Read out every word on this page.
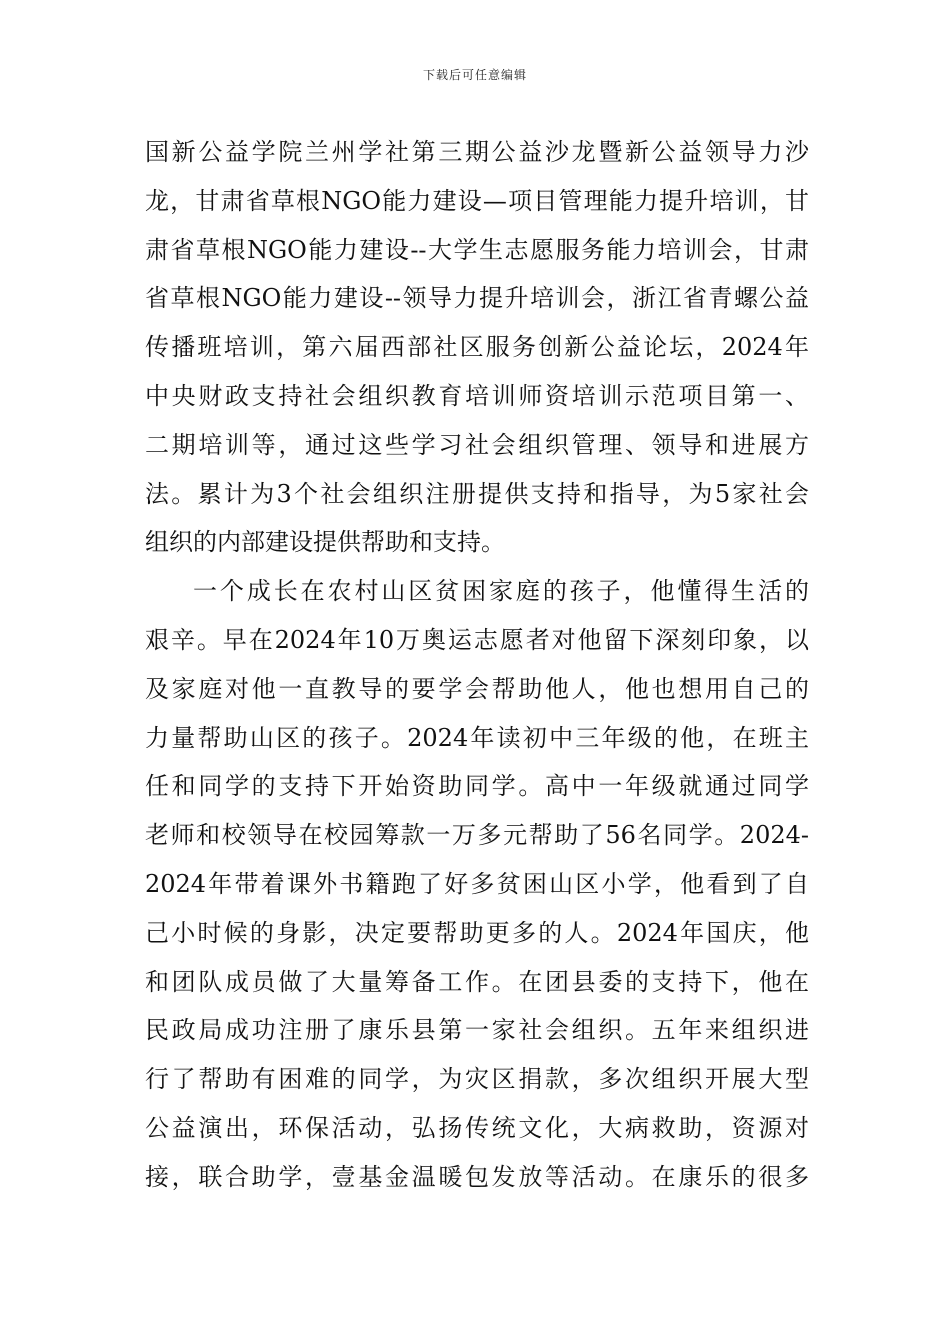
下载后可任意编辑
国新公益学院兰州学社第三期公益沙龙暨新公益领导力沙
龙，甘肃省草根NGO能力建设—项目管理能力提升培训，甘
肃省草根NGO能力建设--大学生志愿服务能力培训会，甘肃
省草根NGO能力建设--领导力提升培训会，浙江省青螺公益
传播班培训，第六届西部社区服务创新公益论坛，2024年
中央财政支持社会组织教育培训师资培训示范项目第一、
二期培训等，通过这些学习社会组织管理、领导和进展方
法。累计为3个社会组织注册提供支持和指导，为5家社会
组织的内部建设提供帮助和支持。
一个成长在农村山区贫困家庭的孩子，他懂得生活的
艰辛。早在2024年10万奥运志愿者对他留下深刻印象，以
及家庭对他一直教导的要学会帮助他人，他也想用自己的
力量帮助山区的孩子。2024年读初中三年级的他，在班主
任和同学的支持下开始资助同学。高中一年级就通过同学
老师和校领导在校园筹款一万多元帮助了56名同学。2024-
2024年带着课外书籍跑了好多贫困山区小学，他看到了自
己小时候的身影，决定要帮助更多的人。2024年国庆，他
和团队成员做了大量筹备工作。在团县委的支持下，他在
民政局成功注册了康乐县第一家社会组织。五年来组织进
行了帮助有困难的同学，为灾区捐款，多次组织开展大型
公益演出，环保活动，弘扬传统文化，大病救助，资源对
接，联合助学，壹基金温暖包发放等活动。在康乐的很多
